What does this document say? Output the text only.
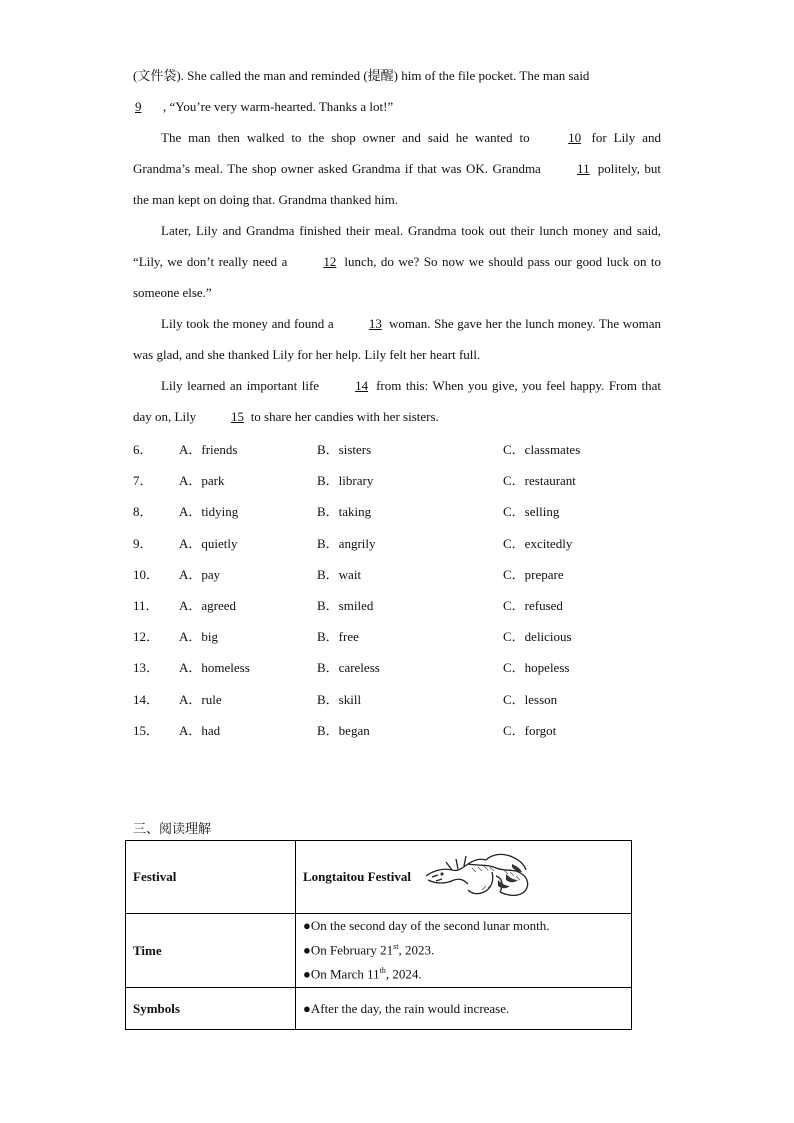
(文件袋). She called the man and reminded (提醒) him of the file pocket. The man said
9 , “You’re very warm-hearted. Thanks a lot!”

The man then walked to the shop owner and said he wanted to	10 for Lily and Grandma’s meal. The shop owner asked Grandma if that was OK. Grandma	11 politely, but the man kept on doing that. Grandma thanked him.

Later, Lily and Grandma finished their meal. Grandma took out their lunch money and said, “Lily, we don’t really need a	12 lunch, do we? So now we should pass our good luck on to someone else.”

Lily took the money and found a	13 woman. She gave her the lunch money. The woman was glad, and she thanked Lily for her help. Lily felt her heart full.

Lily learned an important life	14 from this: When you give, you feel happy. From that day on, Lily	15 to share her candies with her sisters.

6． A．friends	B．sisters	C．classmates
7． A．park	B．library	C．restaurant
8． A．tidying	B．taking	C．selling
9． A．quietly	B．angrily	C．excitedly
10． A．pay	B．wait	C．prepare
11． A．agreed	B．smiled	C．refused
12． A．big	B．free	C．delicious
13． A．homeless	B．careless	C．hopeless
14． A．rule	B．skill	C．lesson
15． A．had	B．began	C．forgot
三、阅读理解
Festival	Longtaitou Festival
Time	●On the second day of the second lunar month.
●On February 21st, 2023.
●On March 11th, 2024.

Symbols	●After the day, the rain would increase.
